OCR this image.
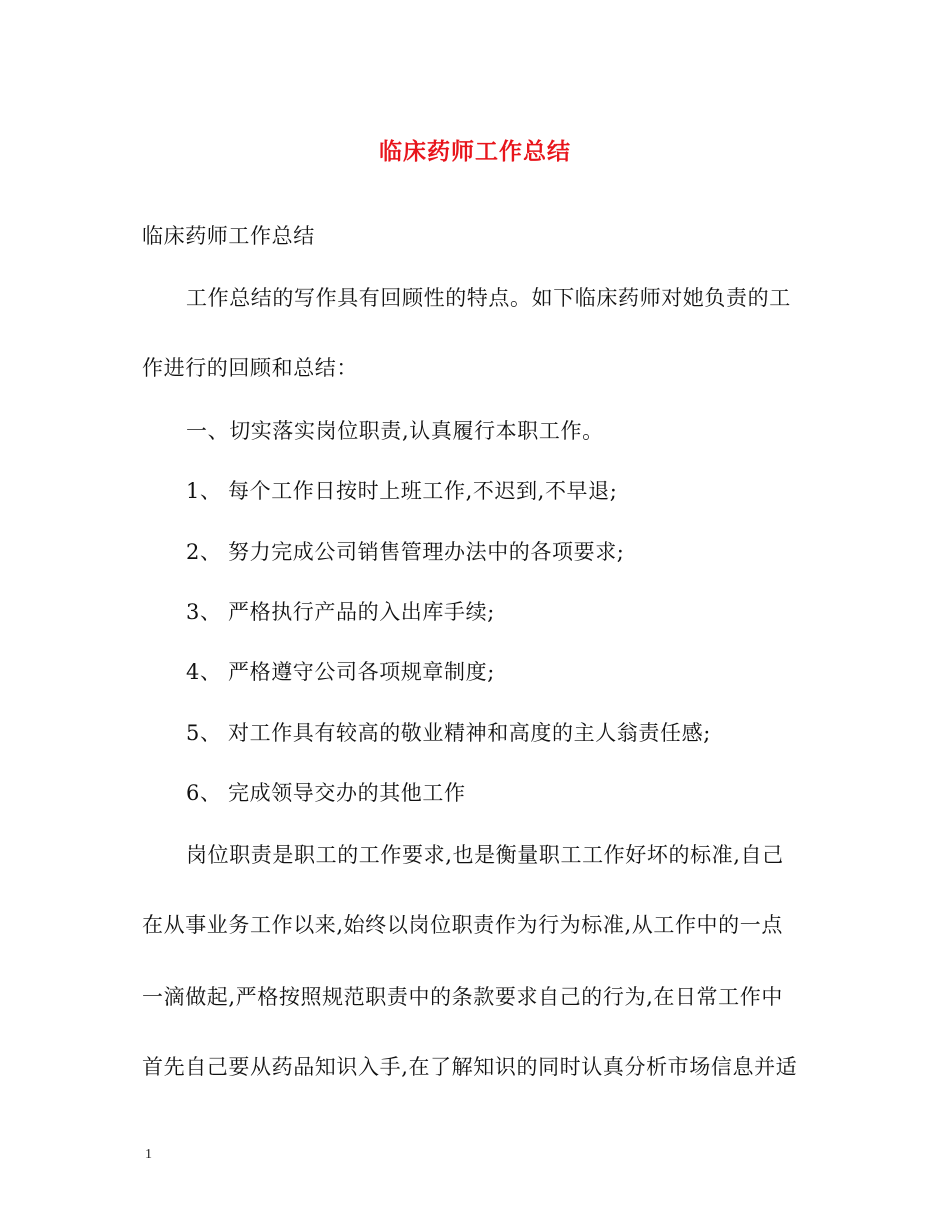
临床药师工作总结
临床药师工作总结
工作总结的写作具有回顾性的特点。如下临床药师对她负责的工
作进行的回顾和总结：
一、切实落实岗位职责,认真履行本职工作。
1、 每个工作日按时上班工作,不迟到,不早退;
2、 努力完成公司销售管理办法中的各项要求;
3、 严格执行产品的入出库手续;
4、 严格遵守公司各项规章制度;
5、 对工作具有较高的敬业精神和高度的主人翁责任感;
6、 完成领导交办的其他工作
岗位职责是职工的工作要求,也是衡量职工工作好坏的标准,自己
在从事业务工作以来,始终以岗位职责作为行为标准,从工作中的一点
一滴做起,严格按照规范职责中的条款要求自己的行为,在日常工作中
首先自己要从药品知识入手,在了解知识的同时认真分析市场信息并适
1
